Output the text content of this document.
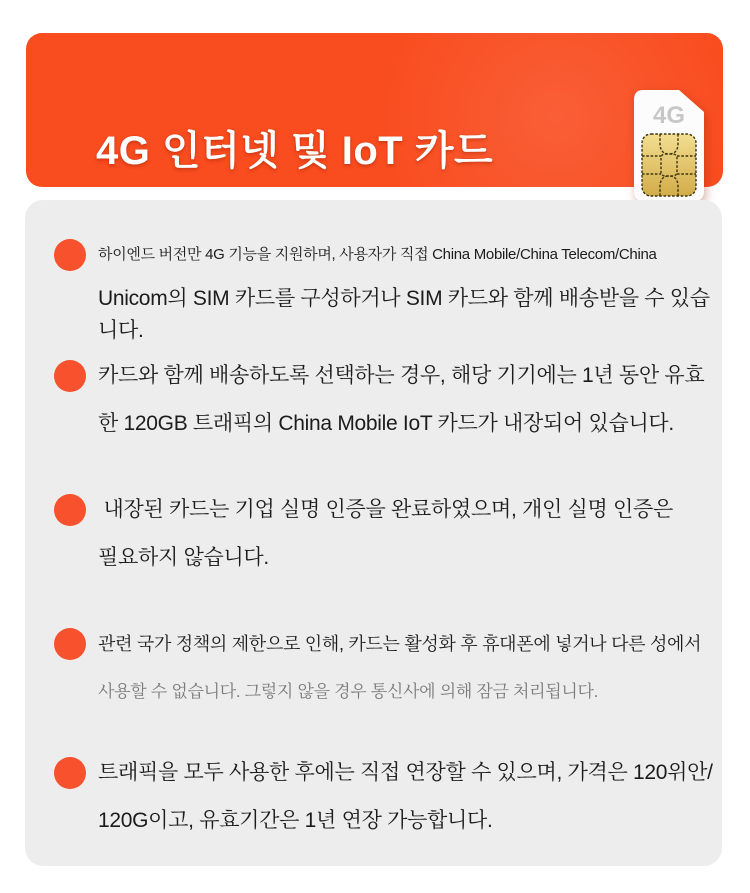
4G 인터넷 및 IoT 카드
4G
하이엔드 버전만 4G 기능을 지원하며, 사용자가 직접 China Mobile/China Telecom/China
Unicom의 SIM 카드를 구성하거나 SIM 카드와 함께 배송받을 수 있습니다.
카드와 함께 배송하도록 선택하는 경우, 해당 기기에는 1년 동안 유효
한 120GB 트래픽의 China Mobile IoT 카드가 내장되어 있습니다.
내장된 카드는 기업 실명 인증을 완료하였으며, 개인 실명 인증은
필요하지 않습니다.
관련 국가 정책의 제한으로 인해, 카드는 활성화 후 휴대폰에 넣거나 다른 성에서
사용할 수 없습니다. 그렇지 않을 경우 통신사에 의해 잠금 처리됩니다.
트래픽을 모두 사용한 후에는 직접 연장할 수 있으며, 가격은 120위안/
120G이고, 유효기간은 1년 연장 가능합니다.
